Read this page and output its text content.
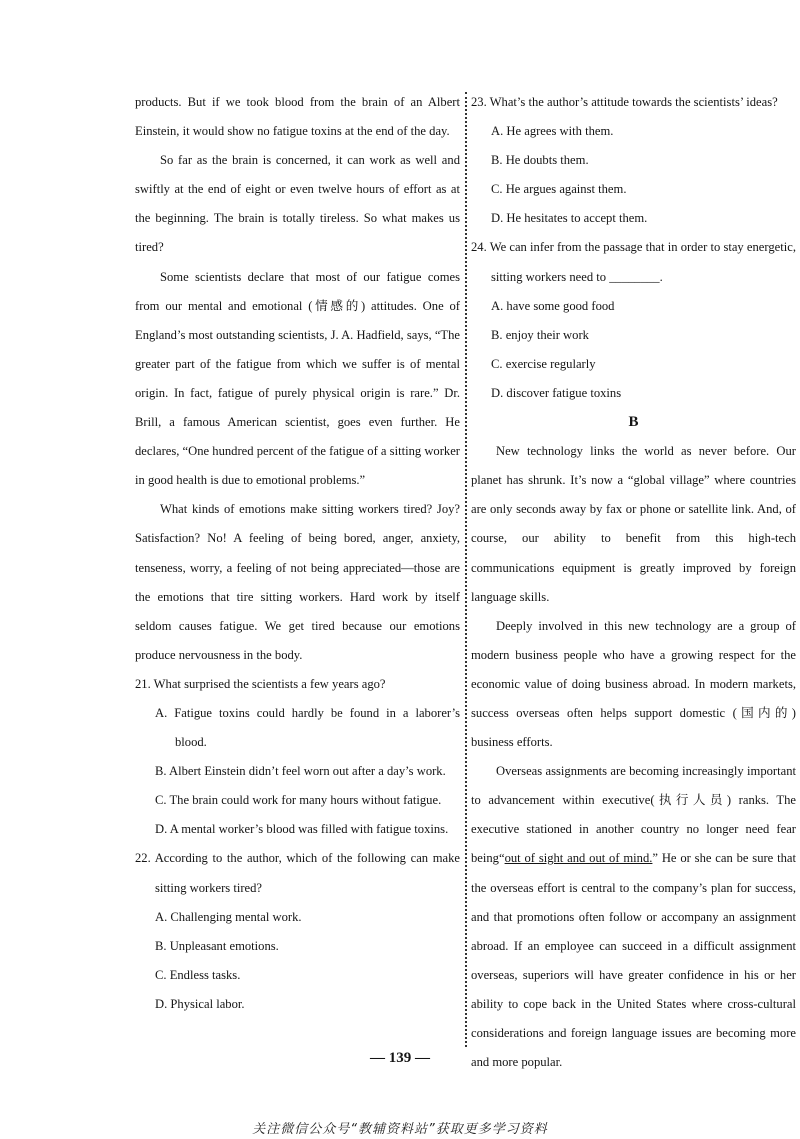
products. But if we took blood from the brain of an Albert Einstein, it would show no fatigue toxins at the end of the day.

So far as the brain is concerned, it can work as well and swiftly at the end of eight or even twelve hours of effort as at the beginning. The brain is totally tireless. So what makes us tired?

Some scientists declare that most of our fatigue comes from our mental and emotional (情感的) attitudes. One of England’s most outstanding scientists, J. A. Hadfield, says, “The greater part of the fatigue from which we suffer is of mental origin. In fact, fatigue of purely physical origin is rare.” Dr. Brill, a famous American scientist, goes even further. He declares, “One hundred percent of the fatigue of a sitting worker in good health is due to emotional problems.”

What kinds of emotions make sitting workers tired? Joy? Satisfaction? No! A feeling of being bored, anger, anxiety, tenseness, worry, a feeling of not being appreciated—those are the emotions that tire sitting workers. Hard work by itself seldom causes fatigue. We get tired because our emotions produce nervousness in the body.

21. What surprised the scientists a few years ago?

A. Fatigue toxins could hardly be found in a laborer’s blood.

B. Albert Einstein didn’t feel worn out after a day’s work.

C. The brain could work for many hours without fatigue.

D. A mental worker’s blood was filled with fatigue toxins.

22. According to the author, which of the following can make sitting workers tired?

A. Challenging mental work.

B. Unpleasant emotions.

C. Endless tasks.

D. Physical labor.

23. What’s the author’s attitude towards the scientists’ ideas?

A. He agrees with them.

B. He doubts them.

C. He argues against them.

D. He hesitates to accept them.

24. We can infer from the passage that in order to stay energetic, sitting workers need to ________.

A. have some good food

B. enjoy their work

C. exercise regularly

D. discover fatigue toxins

B

New technology links the world as never before. Our planet has shrunk. It’s now a “global village” where countries are only seconds away by fax or phone or satellite link. And, of course, our ability to benefit from this high-tech communications equipment is greatly improved by foreign language skills.

Deeply involved in this new technology are a group of modern business people who have a growing respect for the economic value of doing business abroad. In modern markets, success overseas often helps support domestic (国内的) business efforts.

Overseas assignments are becoming increasingly important to advancement within executive(执行人员) ranks. The executive stationed in another country no longer need fear being“out of sight and out of mind.” He or she can be sure that the overseas effort is central to the company’s plan for success, and that promotions often follow or accompany an assignment abroad. If an employee can succeed in a difficult assignment overseas, superiors will have greater confidence in his or her ability to cope back in the United States where cross-cultural considerations and foreign language issues are becoming more and more popular.

— 139 —
关注微信公众号“教辅资料站”获取更多学习资料
